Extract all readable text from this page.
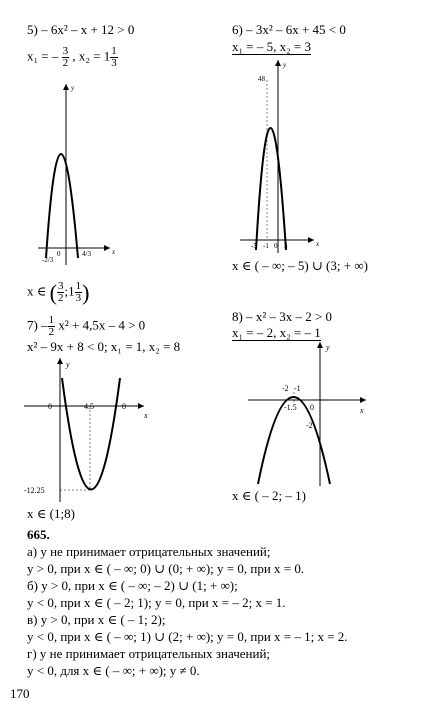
5) – 6x² – x + 12 > 0
x₁ = – $\frac{3}{2}$ , $x_2 = 1 \frac{1}{3}$
y
x
-2/3
0	4/3
x ∈ ( $\frac{3}{2}$ ;1 $\frac{1}{3}$ )
6) – 3x² – 6x + 45 < 0
x₁ = – 5, x₂ = 3
y
x
48
-5 -1 0 3
x ∈ ( – ∞; – 5) ∪ (3; + ∞)
$7) - \frac{1}{2} x^2 + 4,5x - 4 > 0$
x² – 9x + 8 < 0; x₁ = 1, x₂ = 8
y
x
0 1 4.5	8
-12.25
x ∈ (1;8)
8) – x² – 3x – 2 > 0
x₁ = – 2, x₂ = – 1
y
x
-2 -1
-1.5 0
-2
x ∈ ( – 2; – 1)
665.
а) y не принимает отрицательных значений;
y > 0, при x ∈ ( – ∞; 0) ∪ (0; + ∞); y = 0, при x = 0.
б) y > 0, при x ∈ ( – ∞; – 2) ∪ (1; + ∞);
y < 0, при x ∈ ( – 2; 1); y = 0, при x = – 2; x = 1.
в) y > 0, при x ∈ ( – 1; 2);
y < 0, при x ∈ ( – ∞; 1) ∪ (2; + ∞); y = 0, при x = – 1; x = 2.
г) y не принимает отрицательных значений;
y < 0, для x ∈ ( – ∞; + ∞); y ≠ 0.
170
